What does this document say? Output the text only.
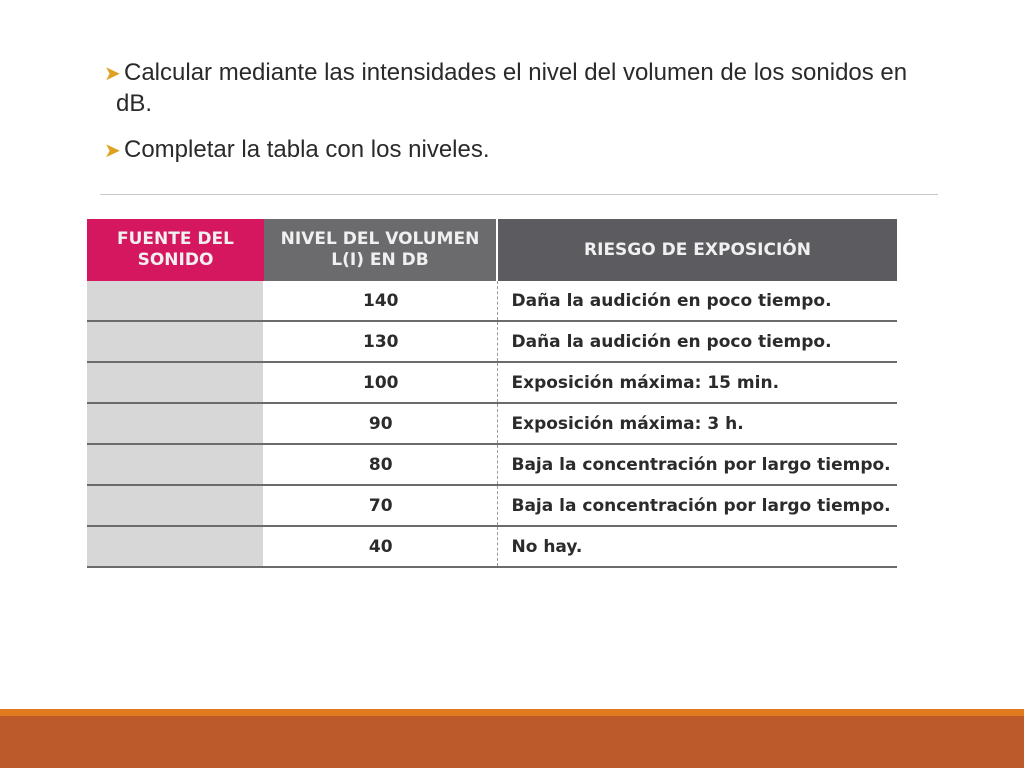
➤ Calcular mediante las intensidades el nivel del volumen de los sonidos en dB.
➤ Completar la tabla con los niveles.
FUENTE DEL SONIDO	NIVEL DEL VOLUMEN L(I) EN DB	RIESGO DE EXPOSICIÓN
	140	Daña la audición en poco tiempo.
	130	Daña la audición en poco tiempo.
	100	Exposición máxima: 15 min.
	90	Exposición máxima: 3 h.
	80	Baja la concentración por largo tiempo.
	70	Baja la concentración por largo tiempo.
	40	No hay.
